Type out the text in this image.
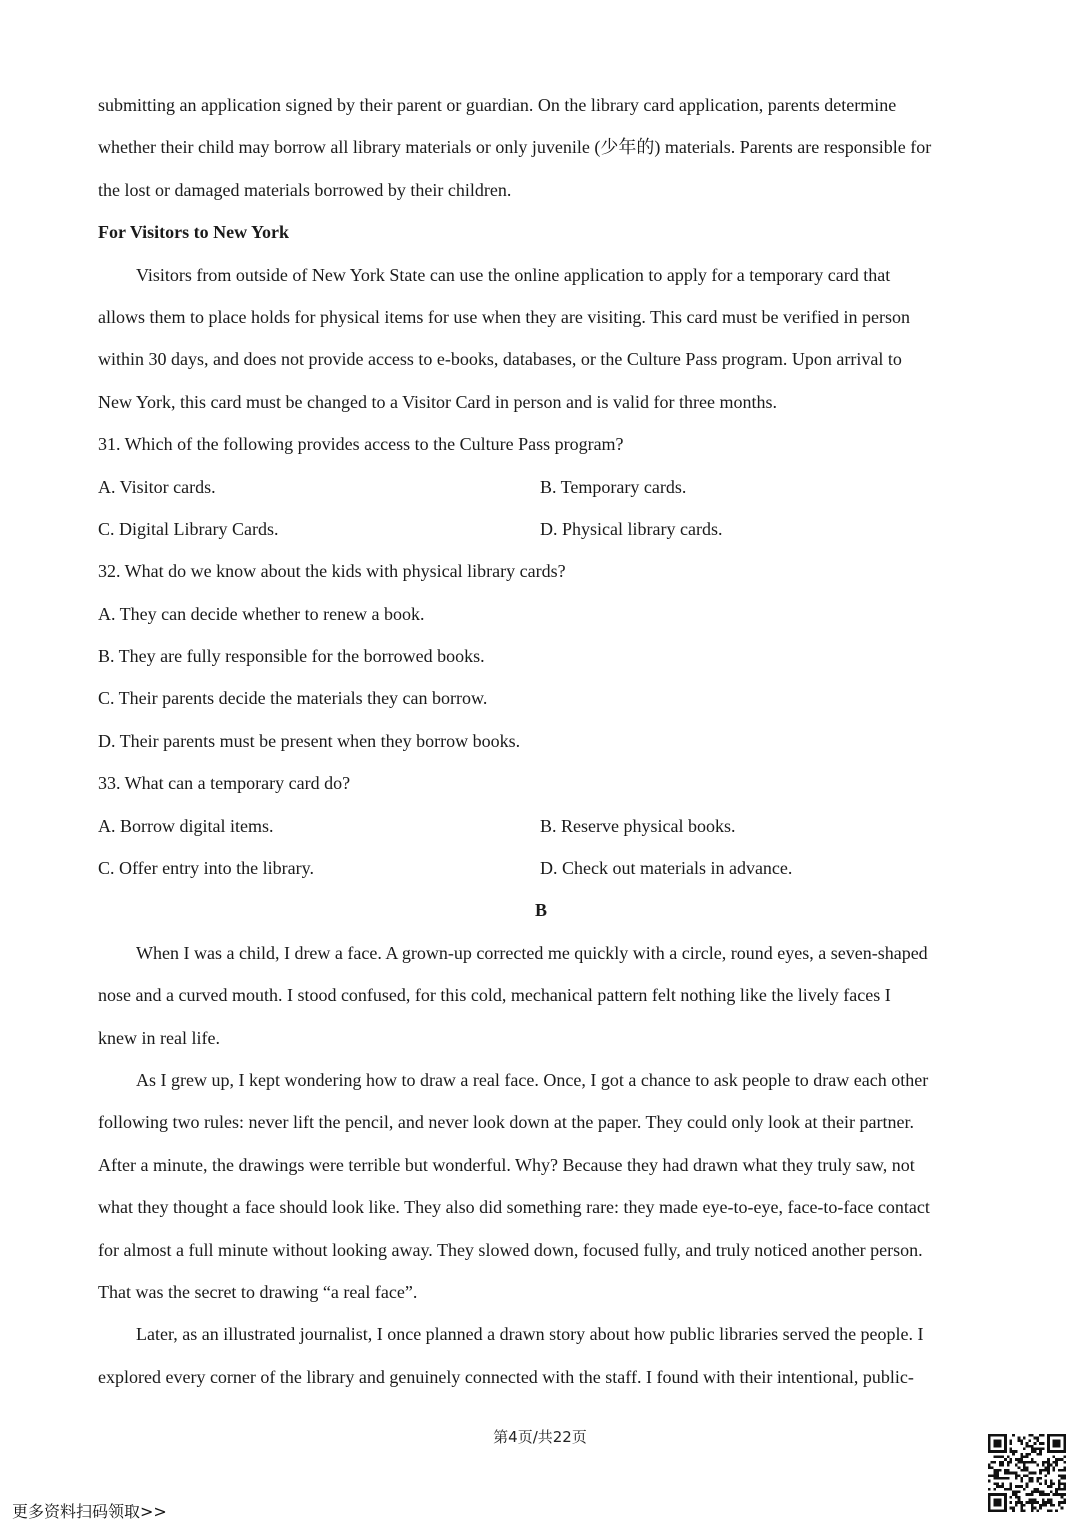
submitting an application signed by their parent or guardian. On the library card application, parents determine
whether their child may borrow all library materials or only juvenile (少年的) materials. Parents are responsible for
the lost or damaged materials borrowed by their children.
For Visitors to New York
Visitors from outside of New York State can use the online application to apply for a temporary card that
allows them to place holds for physical items for use when they are visiting. This card must be verified in person
within 30 days, and does not provide access to e-books, databases, or the Culture Pass program. Upon arrival to
New York, this card must be changed to a Visitor Card in person and is valid for three months.
31. Which of the following provides access to the Culture Pass program?
A. Visitor cards.	B. Temporary cards.
C. Digital Library Cards.	D. Physical library cards.
32. What do we know about the kids with physical library cards?
A. They can decide whether to renew a book.
B. They are fully responsible for the borrowed books.
C. Their parents decide the materials they can borrow.
D. Their parents must be present when they borrow books.
33. What can a temporary card do?
A. Borrow digital items.	B. Reserve physical books.
C. Offer entry into the library.	D. Check out materials in advance.
B
When I was a child, I drew a face. A grown-up corrected me quickly with a circle, round eyes, a seven-shaped
nose and a curved mouth. I stood confused, for this cold, mechanical pattern felt nothing like the lively faces I
knew in real life.
As I grew up, I kept wondering how to draw a real face. Once, I got a chance to ask people to draw each other
following two rules: never lift the pencil, and never look down at the paper. They could only look at their partner.
After a minute, the drawings were terrible but wonderful. Why? Because they had drawn what they truly saw, not
what they thought a face should look like. They also did something rare: they made eye-to-eye, face-to-face contact
for almost a full minute without looking away. They slowed down, focused fully, and truly noticed another person.
That was the secret to drawing “a real face”.
Later, as an illustrated journalist, I once planned a drawn story about how public libraries served the people. I
explored every corner of the library and genuinely connected with the staff. I found with their intentional, public-
第4页/共22页
更多资料扫码领取>>
